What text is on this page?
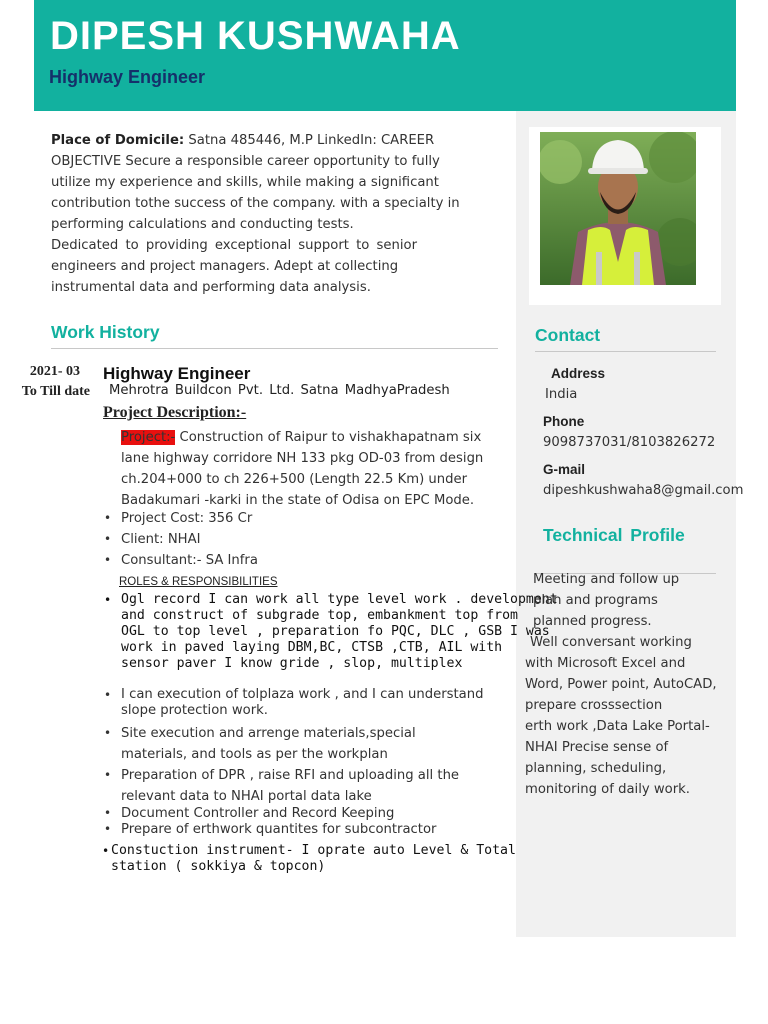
DIPESH KUSHWAHA
Highway Engineer
Place of Domicile: Satna 485446, M.P LinkedIn: CAREER
OBJECTIVE Secure a responsible career opportunity to fully
utilize my experience and skills, while making a significant
contribution tothe success of the company. with a specialty in
performing calculations and conducting tests.
Dedicated to providing exceptional support to senior
engineers and project managers. Adept at collecting
instrumental data and performing data analysis.
Work History
2021- 03
To Till date
Highway Engineer
Mehrotra Buildcon Pvt. Ltd. Satna MadhyaPradesh
Project Description:-
Project:- Construction of Raipur to vishakhapatnam six
lane highway corridore NH 133 pkg OD-03 from design
ch.204+000 to ch 226+500 (Length 22.5 Km) under
Badakumari -karki in the state of Odisa on EPC Mode.
• Project Cost: 356 Cr
• Client: NHAI
• Consultant:- SA Infra
ROLES & RESPONSIBILITIES
• Ogl record I can work all type level work . development
and construct of subgrade top, embankment top from
OGL to top level , preparation fo PQC, DLC , GSB I was
work in paved laying DBM,BC, CTSB ,CTB, AIL with
sensor paver I know gride , slop, multiplex
• I can execution of tolplaza work , and I can understand
slope protection work.
• Site execution and arrenge materials,special
materials, and tools as per the workplan
• Preparation of DPR , raise RFI and uploading all the
relevant data to NHAI portal data lake
• Document Controller and Record Keeping
• Prepare of erthwork quantites for subcontractor
• Constuction instrument- I oprate auto Level & Total
station ( sokkiya & topcon)
Contact
Address
India
Phone
9098737031/8103826272
G-mail
dipeshkushwaha8@gmail.com
Technical Profile
Meeting and follow up
plan and programs
planned progress.
Well conversant working
with Microsoft Excel and
Word, Power point, AutoCAD,
prepare crosssection
erth work ,Data Lake Portal-
NHAI Precise sense of
planning, scheduling,
monitoring of daily work.
